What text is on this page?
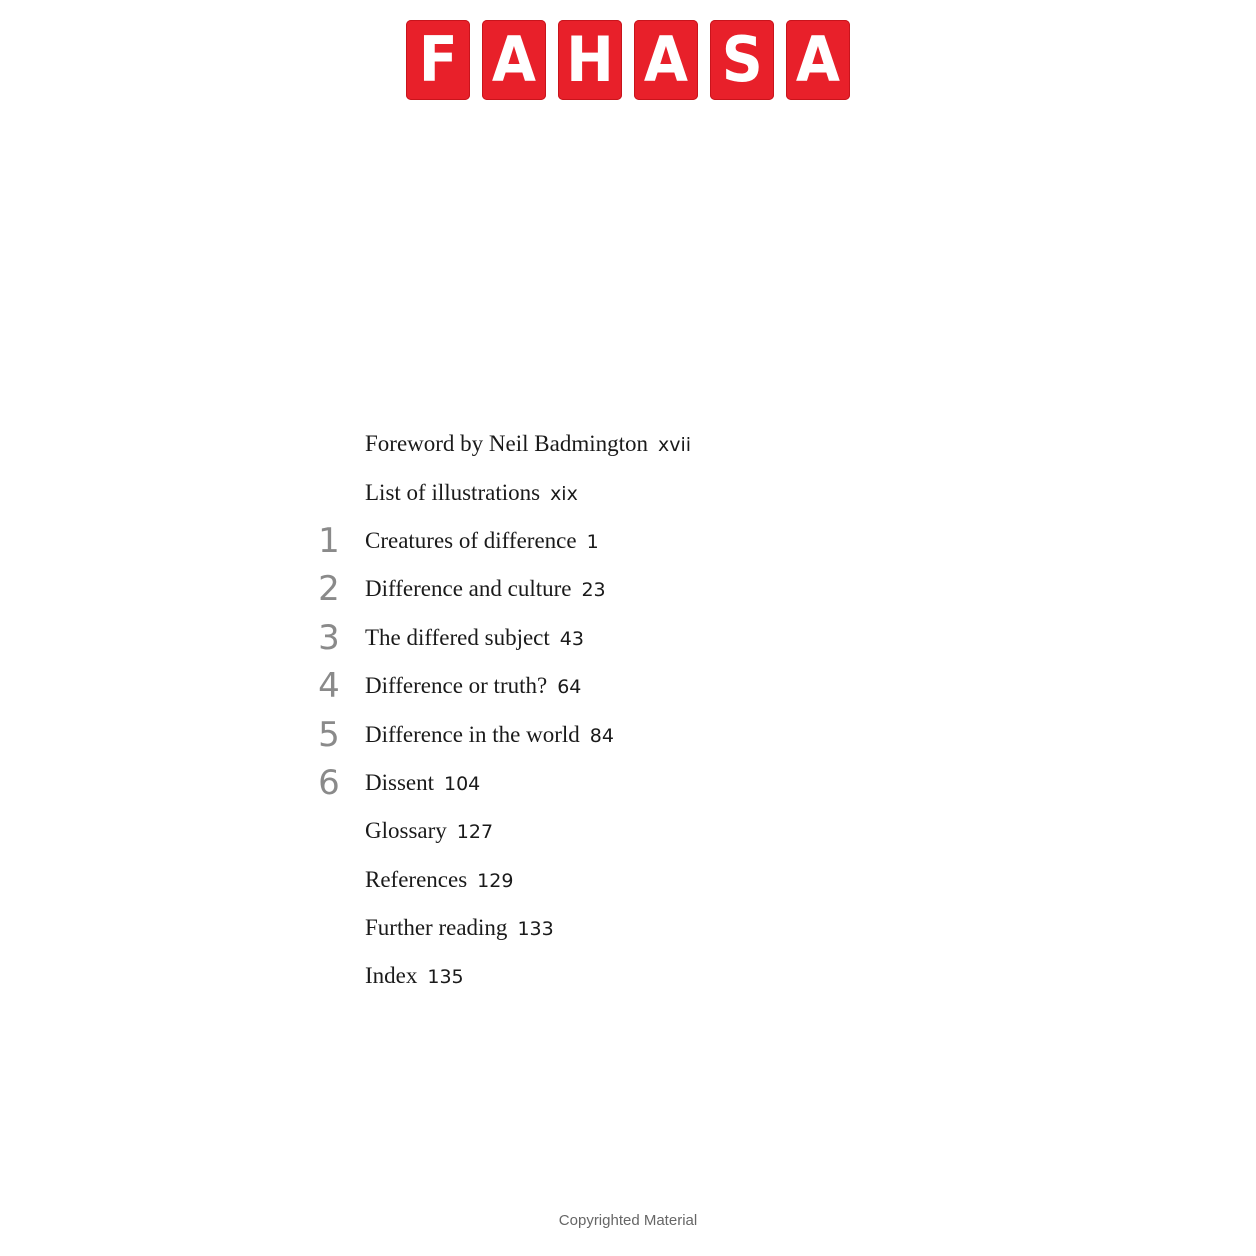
F A H A S A
Foreword by Neil Badmington xvii
List of illustrations xix
1	Creatures of difference 1
2	Difference and culture 23
3	The differed subject 43
4	Difference or truth? 64
5	Difference in the world 84
6	Dissent 104
Glossary 127
References 129
Further reading 133
Index 135
Copyrighted Material
